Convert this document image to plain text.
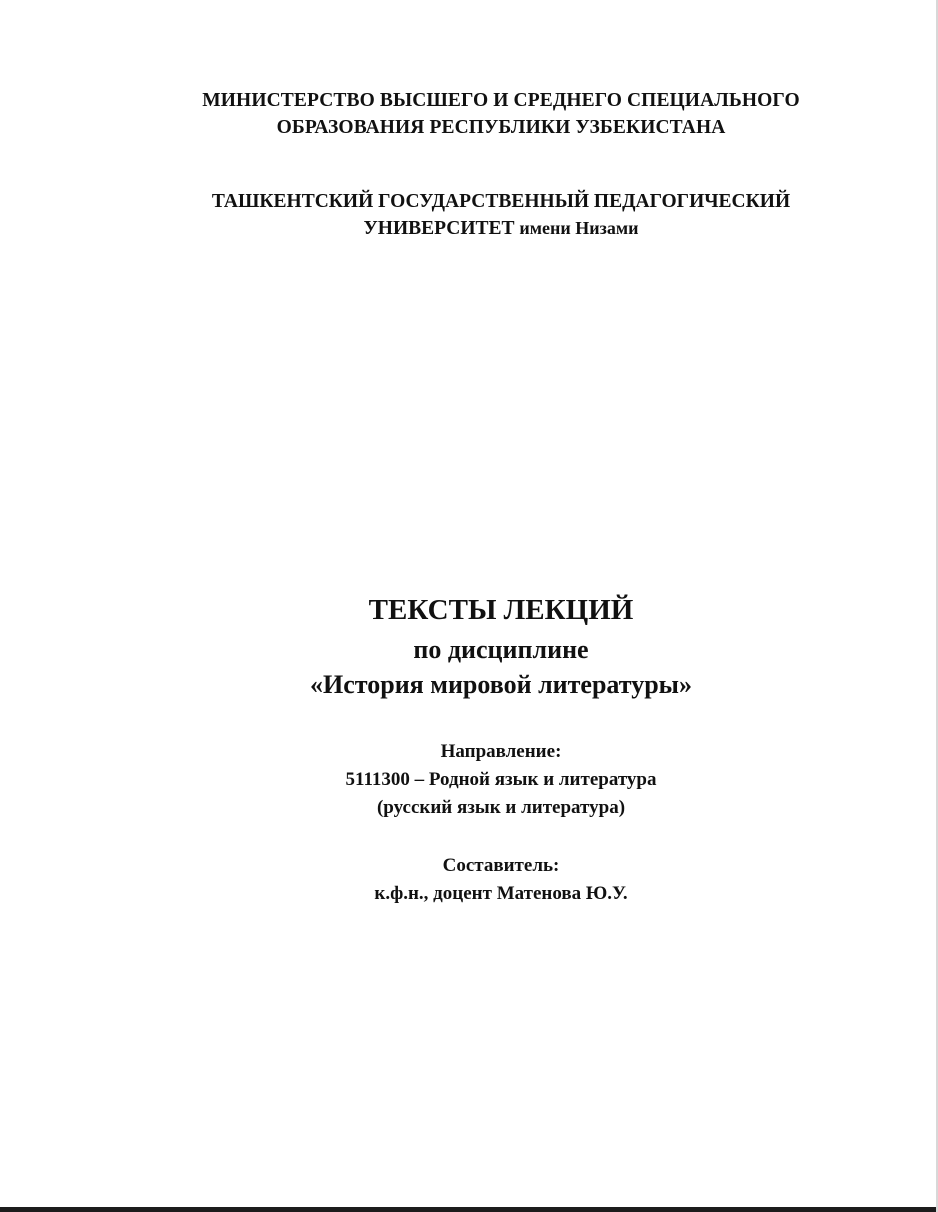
МИНИСТЕРСТВО ВЫСШЕГО И СРЕДНЕГО СПЕЦИАЛЬНОГО
ОБРАЗОВАНИЯ РЕСПУБЛИКИ УЗБЕКИСТАНА
ТАШКЕНТСКИЙ ГОСУДАРСТВЕННЫЙ ПЕДАГОГИЧЕСКИЙ
УНИВЕРСИТЕТ имени Низами
ТЕКСТЫ ЛЕКЦИЙ
по дисциплине
«История мировой литературы»
Направление:
5111300 – Родной язык и литература
(русский язык и литература)
Составитель:
к.ф.н., доцент Матенова Ю.У.
